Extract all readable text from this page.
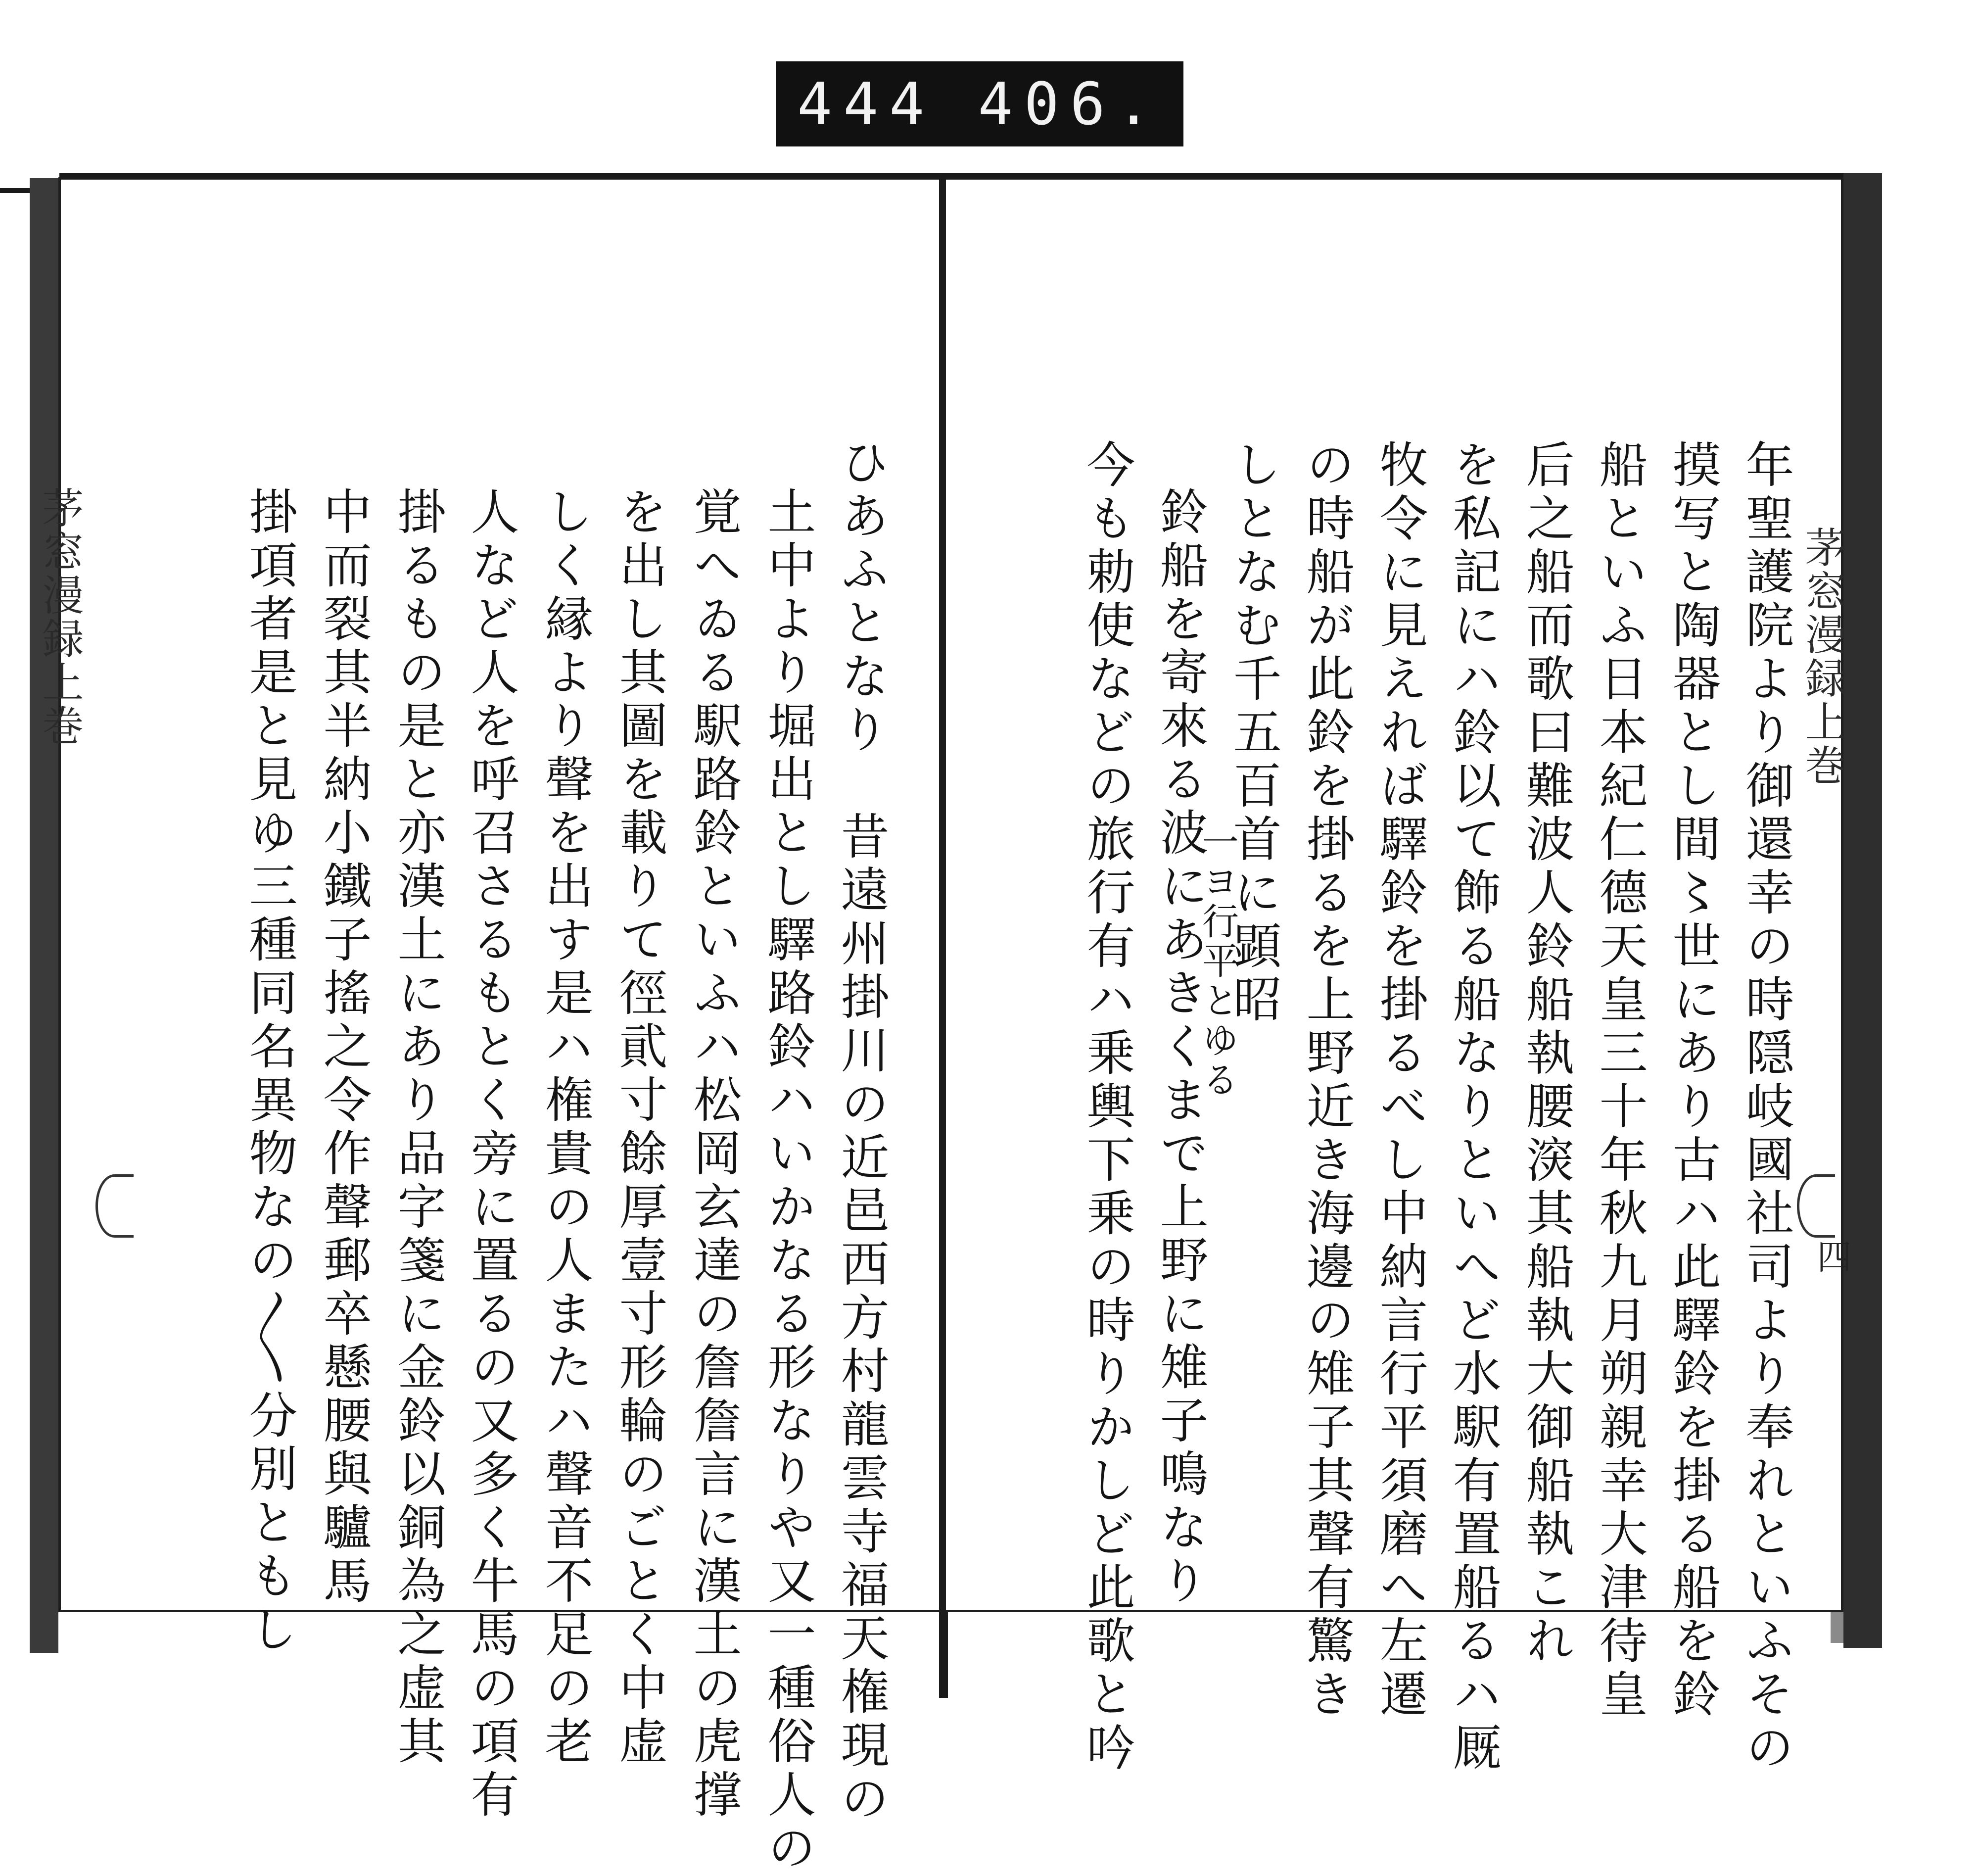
444 406.
茅窓漫録上巻	ひあふとなり　昔遠州掛川の近邑西方村龍雲寺福天権現の
土中より堀出とし驛路鈴ハいかなる形なりや又一種俗人の
覚へゐる駅路鈴といふハ松岡玄達の詹詹言に漢土の虎撑
を出し其圖を載りて徑貮寸餘厚壹寸形輪のごとく中虚
しく縁より聲を出す是ハ権貴の人またハ聲音不足の老
人など人を呼召さるもとく旁に置るの又多く牛馬の項有
掛るもの是と亦漢土にあり品字箋に金鈴以銅為之虚其
中而裂其半納小鐵子搖之令作聲郵卒懸腰與驢馬
掛項者是と見ゆ三種同名異物なの〳〵分別ともし	茅窓漫録上巻
四
年聖護院より御還幸の時隠岐國社司より奉れといふその
摸写と陶器とし間〻世にあり古ハ此驛鈴を掛る船を鈴
船といふ日本紀仁德天皇三十年秋九月朔親幸大津待皇
后之船而歌曰難波人鈴船執腰㴱其船執大御船執これ
を私記にハ鈴以て飾る船なりといへど水駅有置船るハ厩
牧令に見えれば驛鈴を掛るべし中納言行平須磨へ左遷
の時船が此鈴を掛るを上野近き海邊の雉子其聲有驚き
しとなむ千五百首に顕昭
一ヨ行平とゆる
鈴船を寄來る波にあきくまで上野に雉子鳴なり
今も勅使などの旅行有ハ乗輿下乗の時りかしど此歌と吟
